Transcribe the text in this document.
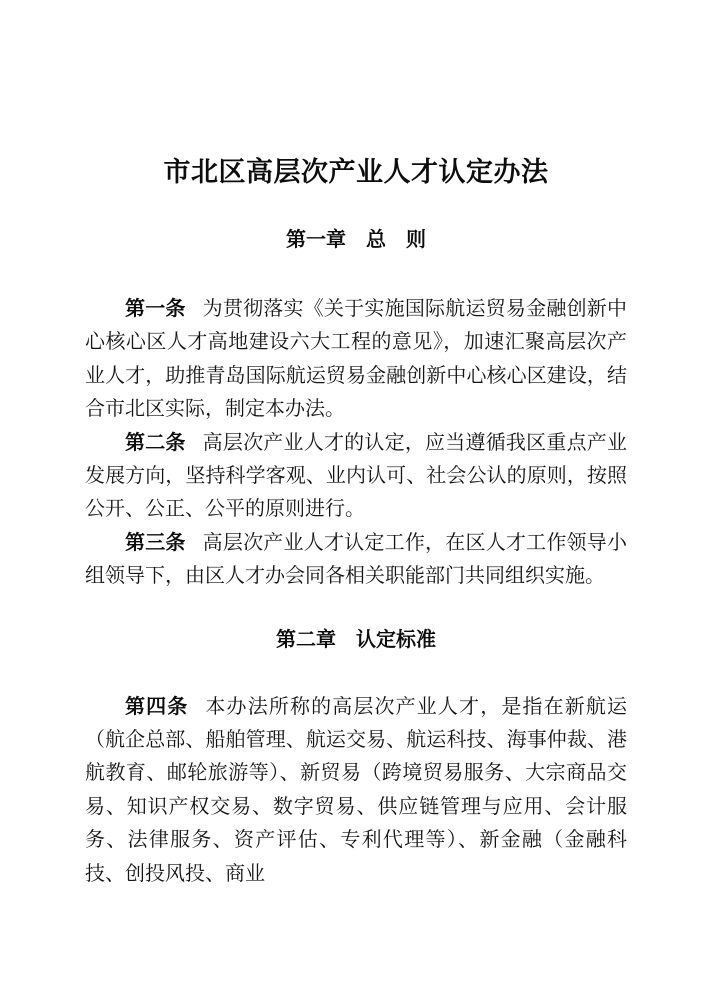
市北区高层次产业人才认定办法
第一章　总　则

第一条 为贯彻落实《关于实施国际航运贸易金融创新中心核心区人才高地建设六大工程的意见》，加速汇聚高层次产业人才，助推青岛国际航运贸易金融创新中心核心区建设，结合市北区实际，制定本办法。

第二条 高层次产业人才的认定，应当遵循我区重点产业发展方向，坚持科学客观、业内认可、社会公认的原则，按照公开、公正、公平的原则进行。

第三条 高层次产业人才认定工作，在区人才工作领导小组领导下，由区人才办会同各相关职能部门共同组织实施。

第二章　认定标准

第四条 本办法所称的高层次产业人才，是指在新航运（航企总部、船舶管理、航运交易、航运科技、海事仲裁、港航教育、邮轮旅游等）、新贸易（跨境贸易服务、大宗商品交易、知识产权交易、数字贸易、供应链管理与应用、会计服务、法律服务、资产评估、专利代理等）、新金融（金融科技、创投风投、商业
